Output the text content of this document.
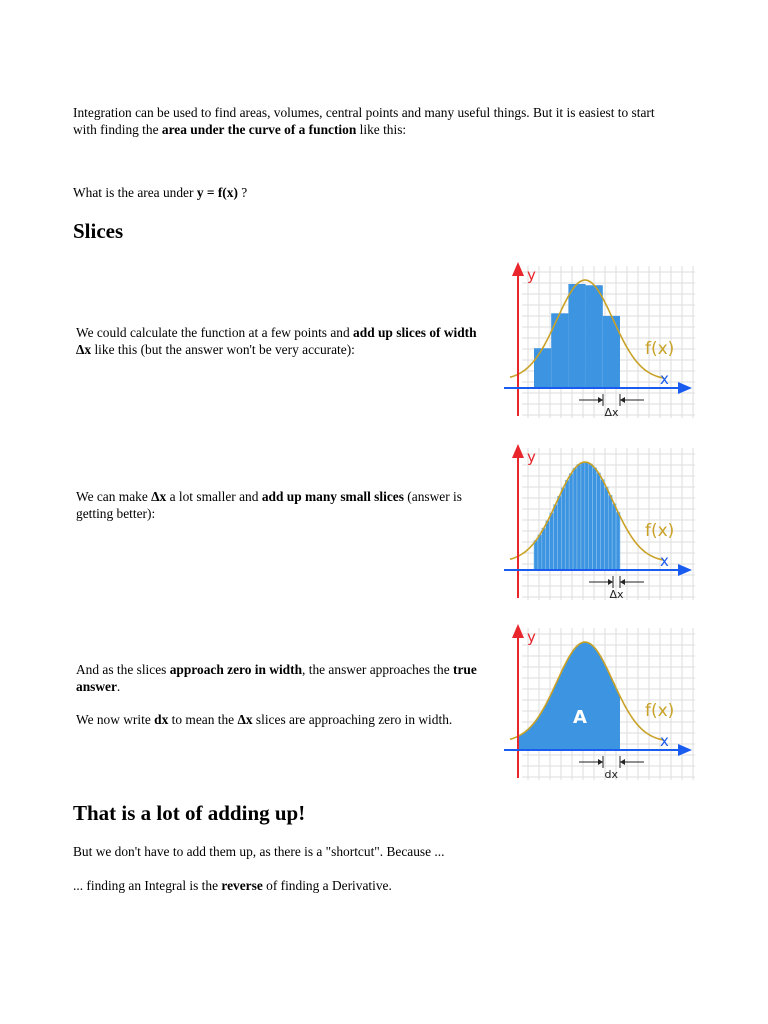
Integration can be used to find areas, volumes, central points and many useful things. But it is easiest to start with finding the area under the curve of a function like this:

What is the area under y = f(x) ?

Slices

We could calculate the function at a few points and add up slices of width Δx like this (but the answer won't be very accurate):

We can make Δx a lot smaller and add up many small slices (answer is getting better):

And as the slices approach zero in width, the answer approaches the true answer.

We now write dx to mean the Δx slices are approaching zero in width.

That is a lot of adding up!

But we don't have to add them up, as there is a "shortcut". Because ...

... finding an Integral is the reverse of finding a Derivative.

y
x
f(x)
Δx
y
x
f(x)
Δx
y
x
f(x)
A
dx
